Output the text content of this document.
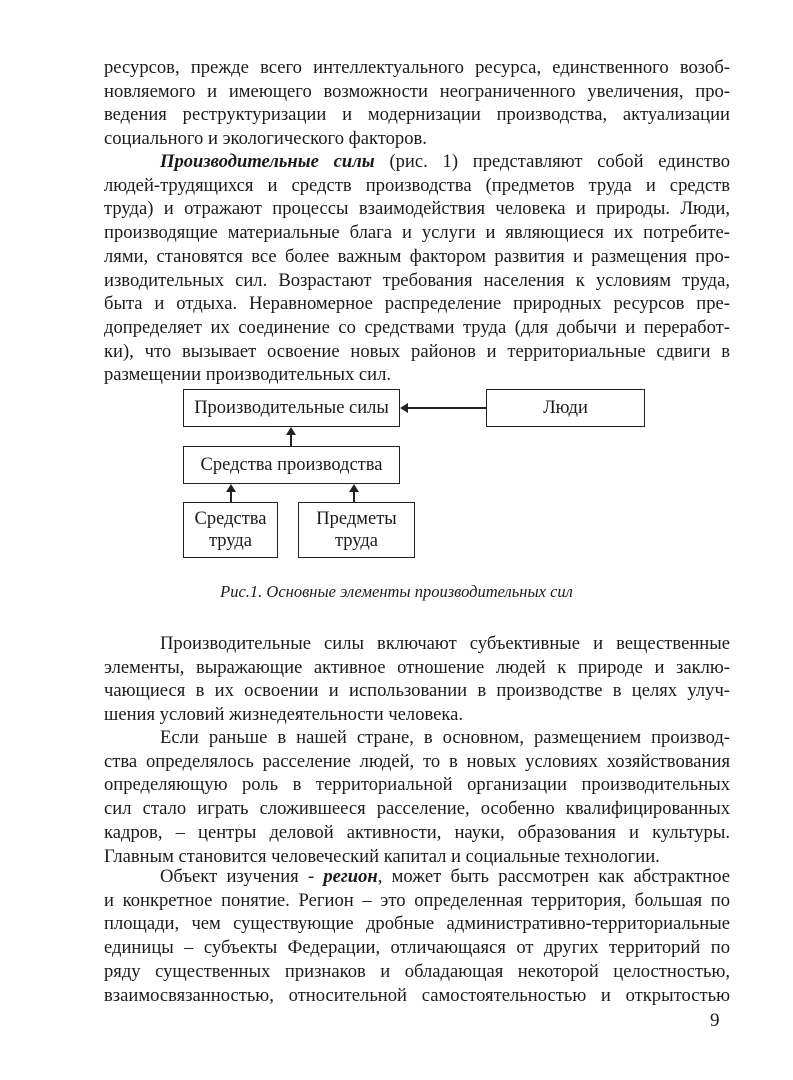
ресурсов, прежде всего интеллектуального ресурса, единственного возоб-
новляемого и имеющего возможности неограниченного увеличения, про-
ведения реструктуризации и модернизации производства, актуализации
социального и экологического факторов.
Производительные силы (рис. 1) представляют собой единство
людей-трудящихся и средств производства (предметов труда и средств
труда) и отражают процессы взаимодействия человека и природы. Люди,
производящие материальные блага и услуги и являющиеся их потребите-
лями, становятся все более важным фактором развития и размещения про-
изводительных сил. Возрастают требования населения к условиям труда,
быта и отдыха. Неравномерное распределение природных ресурсов пре-
допределяет их соединение со средствами труда (для добычи и переработ-
ки), что вызывает освоение новых районов и территориальные сдвиги в
размещении производительных сил.
Производительные силы	Люди
Средства производства
Средства
труда
Предметы
труда
Рис.1. Основные элементы производительных сил
Производительные силы включают субъективные и вещественные
элементы, выражающие активное отношение людей к природе и заклю-
чающиеся в их освоении и использовании в производстве в целях улуч-
шения условий жизнедеятельности человека.
Если раньше в нашей стране, в основном, размещением производ-
ства определялось расселение людей, то в новых условиях хозяйствования
определяющую роль в территориальной организации производительных
сил стало играть сложившееся расселение, особенно квалифицированных
кадров, – центры деловой активности, науки, образования и культуры.
Главным становится человеческий капитал и социальные технологии.
Объект изучения - регион, может быть рассмотрен как абстрактное
и конкретное понятие. Регион – это определенная территория, большая по
площади, чем существующие дробные административно-территориальные
единицы – субъекты Федерации, отличающаяся от других территорий по
ряду существенных признаков и обладающая некоторой целостностью,
взаимосвязанностью, относительной самостоятельностью и открытостью
9
